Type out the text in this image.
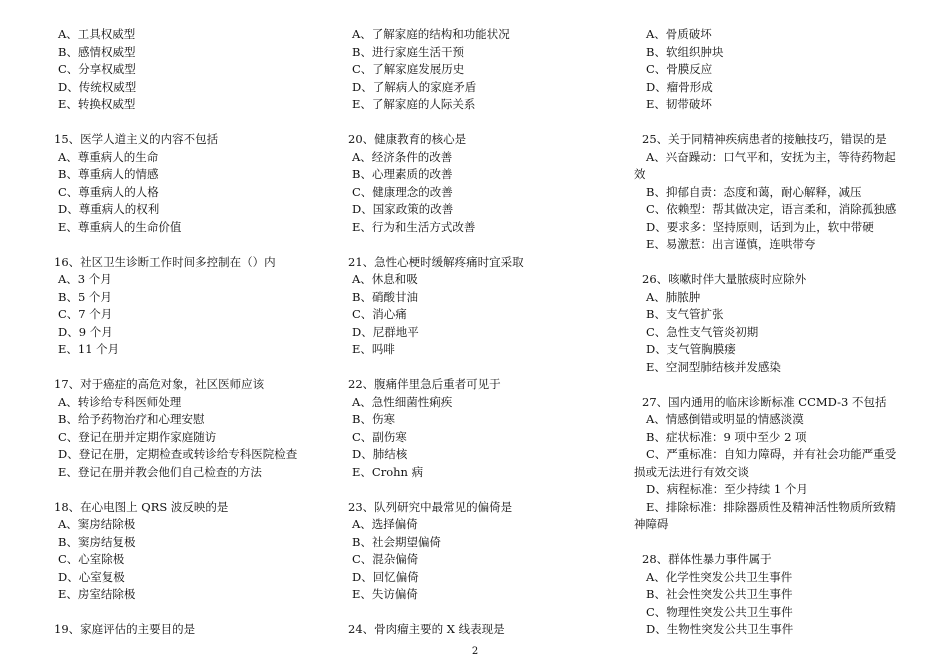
A、工具权威型
B、感情权威型
C、分享权威型
D、传统权威型
E、转换权威型
15、医学人道主义的内容不包括
A、尊重病人的生命
B、尊重病人的情感
C、尊重病人的人格
D、尊重病人的权利
E、尊重病人的生命价值
16、社区卫生诊断工作时间多控制在（）内
A、3 个月
B、5 个月
C、7 个月
D、9 个月
E、11 个月
17、对于癌症的高危对象，社区医师应该
A、转诊给专科医师处理
B、给予药物治疗和心理安慰
C、登记在册并定期作家庭随访
D、登记在册，定期检查或转诊给专科医院检查
E、登记在册并教会他们自己检查的方法
18、在心电图上 QRS 波反映的是
A、窦房结除极
B、窦房结复极
C、心室除极
D、心室复极
E、房室结除极
19、家庭评估的主要目的是
A、了解家庭的结构和功能状况
B、进行家庭生活干预
C、了解家庭发展历史
D、了解病人的家庭矛盾
E、了解家庭的人际关系
20、健康教育的核心是
A、经济条件的改善
B、心理素质的改善
C、健康理念的改善
D、国家政策的改善
E、行为和生活方式改善
21、急性心梗时缓解疼痛时宜采取
A、休息和吸
B、硝酸甘油
C、消心痛
D、尼群地平
E、吗啡
22、腹痛伴里急后重者可见于
A、急性细菌性痢疾
B、伤寒
C、副伤寒
D、肺结核
E、Crohn 病
23、队列研究中最常见的偏倚是
A、选择偏倚
B、社会期望偏倚
C、混杂偏倚
D、回忆偏倚
E、失访偏倚
24、骨肉瘤主要的 X 线表现是
A、骨质破坏
B、软组织肿块
C、骨膜反应
D、瘤骨形成
E、韧带破坏
25、关于同精神疾病患者的接触技巧，错误的是
A、兴奋躁动：口气平和，安抚为主，等待药物起效
B、抑郁自责：态度和蔼，耐心解释，减压
C、依赖型：帮其做决定，语言柔和，消除孤独感
D、要求多：坚持原则，话到为止，软中带硬
E、易激惹：出言谨慎，连哄带夸
26、咳嗽时伴大量脓痰时应除外
A、肺脓肿
B、支气管扩张
C、急性支气管炎初期
D、支气管胸膜瘘
E、空洞型肺结核并发感染
27、国内通用的临床诊断标准 CCMD-3 不包括
A、情感倒错或明显的情感淡漠
B、症状标准：9 项中至少 2 项
C、严重标准：自知力障碍，并有社会功能严重受损或无法进行有效交谈
D、病程标准：至少持续 1 个月
E、排除标准：排除器质性及精神活性物质所致精神障碍
28、群体性暴力事件属于
A、化学性突发公共卫生事件
B、社会性突发公共卫生事件
C、物理性突发公共卫生事件
D、生物性突发公共卫生事件
2
